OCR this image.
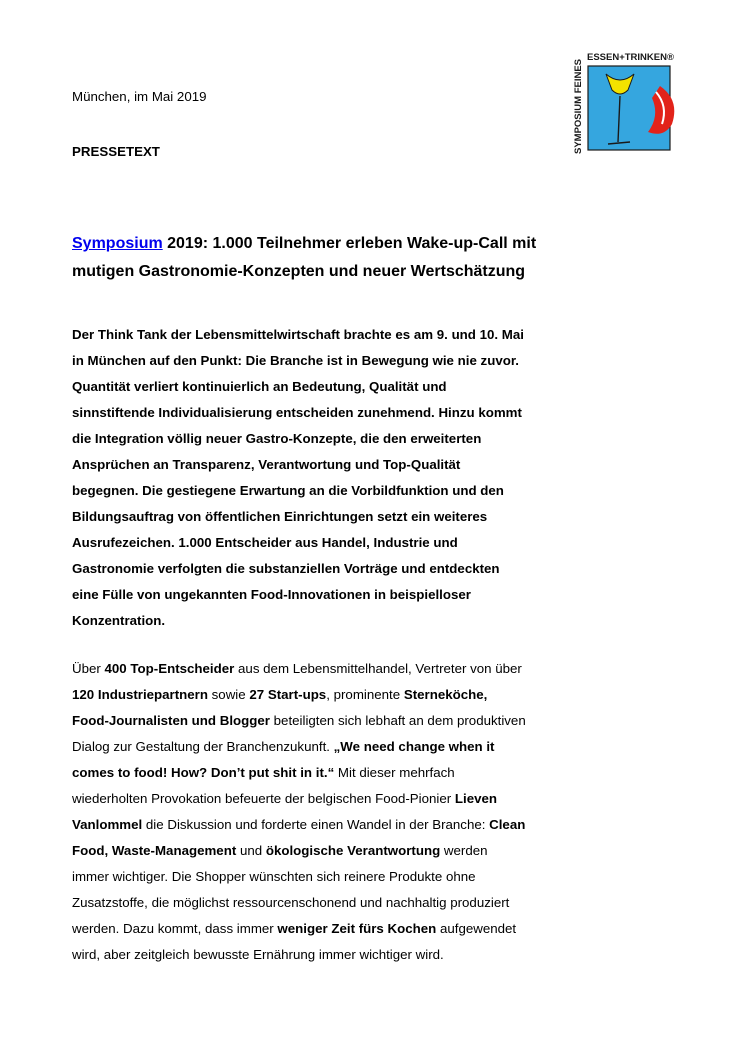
München, im Mai 2019
PRESSETEXT	SYMPOSIUM FEINES
ESSEN+TRINKEN®
Symposium 2019: 1.000 Teilnehmer erleben Wake-up-Call mit
mutigen Gastronomie-Konzepten und neuer Wertschätzung
Der Think Tank der Lebensmittelwirtschaft brachte es am 9. und 10. Mai
in München auf den Punkt: Die Branche ist in Bewegung wie nie zuvor.
Quantität verliert kontinuierlich an Bedeutung, Qualität und
sinnstiftende Individualisierung entscheiden zunehmend. Hinzu kommt
die Integration völlig neuer Gastro-Konzepte, die den erweiterten
Ansprüchen an Transparenz, Verantwortung und Top-Qualität
begegnen. Die gestiegene Erwartung an die Vorbildfunktion und den
Bildungsauftrag von öffentlichen Einrichtungen setzt ein weiteres
Ausrufezeichen. 1.000 Entscheider aus Handel, Industrie und
Gastronomie verfolgten die substanziellen Vorträge und entdeckten
eine Fülle von ungekannten Food-Innovationen in beispielloser
Konzentration.
Über 400 Top-Entscheider aus dem Lebensmittelhandel, Vertreter von über
120 Industriepartnern sowie 27 Start-ups, prominente Sterneköche,
Food-Journalisten und Blogger beteiligten sich lebhaft an dem produktiven
Dialog zur Gestaltung der Branchenzukunft. „We need change when it
comes to food! How? Don’t put shit in it.“ Mit dieser mehrfach
wiederholten Provokation befeuerte der belgischen Food-Pionier Lieven
Vanlommel die Diskussion und forderte einen Wandel in der Branche: Clean
Food, Waste-Management und ökologische Verantwortung werden
immer wichtiger. Die Shopper wünschten sich reinere Produkte ohne
Zusatzstoffe, die möglichst ressourcenschonend und nachhaltig produziert
werden. Dazu kommt, dass immer weniger Zeit fürs Kochen aufgewendet
wird, aber zeitgleich bewusste Ernährung immer wichtiger wird.
